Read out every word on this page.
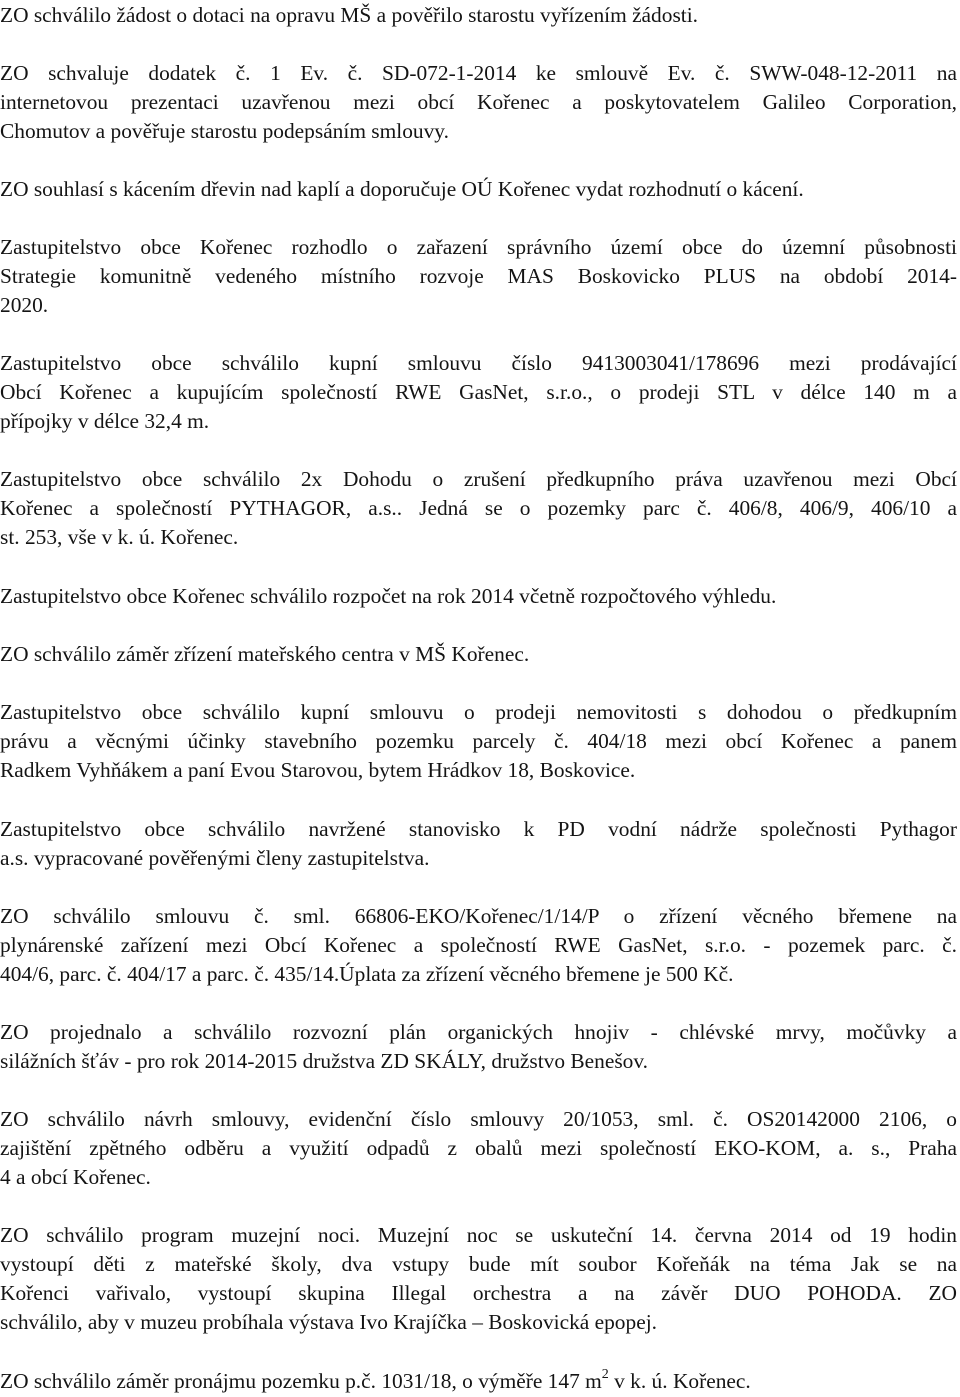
ZO schválilo žádost o dotaci na opravu MŠ a pověřilo starostu vyřízením žádosti.
ZO schvaluje dodatek č. 1 Ev. č. SD-072-1-2014 ke smlouvě Ev. č. SWW-048-12-2011 na
internetovou prezentaci uzavřenou mezi obcí Kořenec a poskytovatelem Galileo Corporation,
Chomutov a pověřuje starostu podepsáním smlouvy.
ZO souhlasí s kácením dřevin nad kaplí a doporučuje OÚ Kořenec vydat rozhodnutí o kácení.
Zastupitelstvo obce Kořenec rozhodlo o zařazení správního území obce do územní působnosti
Strategie komunitně vedeného místního rozvoje MAS Boskovicko PLUS na období 2014-
2020.
Zastupitelstvo obce schválilo kupní smlouvu číslo 9413003041/178696 mezi prodávající
Obcí Kořenec a kupujícím společností RWE GasNet, s.r.o., o prodeji STL v délce 140 m a
přípojky v délce 32,4 m.
Zastupitelstvo obce schválilo 2x Dohodu o zrušení předkupního práva uzavřenou mezi Obcí
Kořenec a společností PYTHAGOR, a.s.. Jedná se o pozemky parc č. 406/8, 406/9, 406/10 a
st. 253, vše v k. ú. Kořenec.
Zastupitelstvo obce Kořenec schválilo rozpočet na rok 2014 včetně rozpočtového výhledu.
ZO schválilo záměr zřízení mateřského centra v MŠ Kořenec.
Zastupitelstvo obce schválilo kupní smlouvu o prodeji nemovitosti s dohodou o předkupním
právu a věcnými účinky stavebního pozemku parcely č. 404/18 mezi obcí Kořenec a panem
Radkem Vyhňákem a paní Evou Starovou, bytem Hrádkov 18, Boskovice.
Zastupitelstvo obce schválilo navržené stanovisko k PD vodní nádrže společnosti Pythagor
a.s. vypracované pověřenými členy zastupitelstva.
ZO schválilo smlouvu č. sml. 66806-EKO/Kořenec/1/14/P o zřízení věcného břemene na
plynárenské zařízení mezi Obcí Kořenec a společností RWE GasNet, s.r.o. - pozemek parc. č.
404/6, parc. č. 404/17 a parc. č. 435/14.Úplata za zřízení věcného břemene je 500 Kč.
ZO projednalo a schválilo rozvozní plán organických hnojiv - chlévské mrvy, močůvky a
silážních šťáv - pro rok 2014-2015 družstva ZD SKÁLY, družstvo Benešov.
ZO schválilo návrh smlouvy, evidenční číslo smlouvy 20/1053, sml. č. OS20142000 2106, o
zajištění zpětného odběru a využití odpadů z obalů mezi společností EKO-KOM, a. s., Praha
4 a obcí Kořenec.
ZO schválilo program muzejní noci. Muzejní noc se uskuteční 14. června 2014 od 19 hodin
vystoupí děti z mateřské školy, dva vstupy bude mít soubor Kořeňák na téma Jak se na
Kořenci vařivalo, vystoupí skupina Illegal orchestra a na závěr DUO POHODA. ZO
schválilo, aby v muzeu probíhala výstava Ivo Krajíčka – Boskovická epopej.
ZO schválilo záměr pronájmu pozemku p.č. 1031/18, o výměře 147 $m^2$ v k. ú. Kořenec.
